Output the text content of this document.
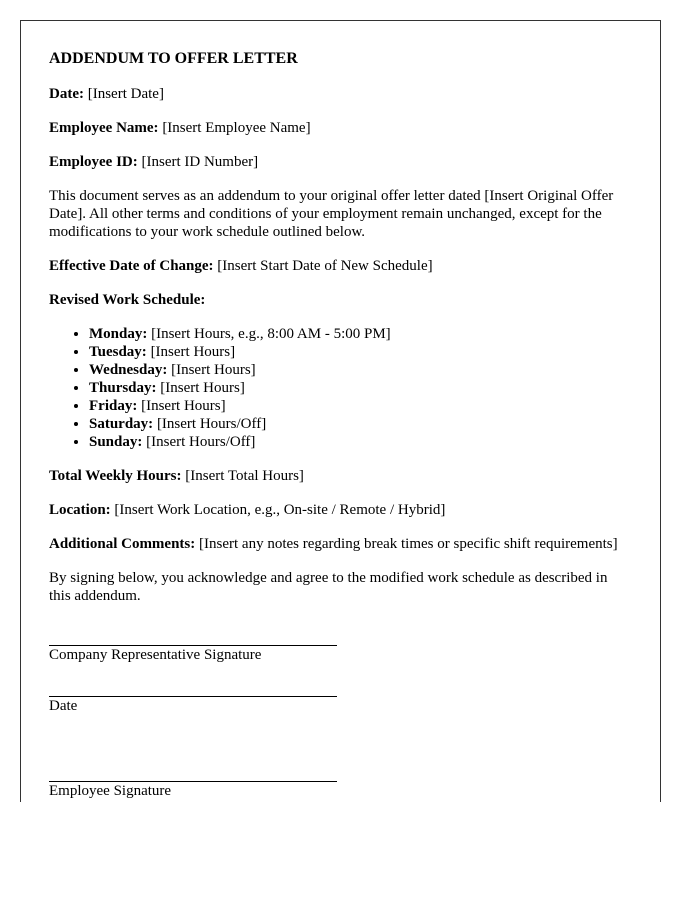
ADDENDUM TO OFFER LETTER

Date: [Insert Date]

Employee Name: [Insert Employee Name]

Employee ID: [Insert ID Number]

This document serves as an addendum to your original offer letter dated [Insert Original Offer Date]. All other terms and conditions of your employment remain unchanged, except for the modifications to your work schedule outlined below.

Effective Date of Change: [Insert Start Date of New Schedule]

Revised Work Schedule:

• Monday: [Insert Hours, e.g., 8:00 AM - 5:00 PM]
• Tuesday: [Insert Hours]
• Wednesday: [Insert Hours]
• Thursday: [Insert Hours]
• Friday: [Insert Hours]
• Saturday: [Insert Hours/Off]
• Sunday: [Insert Hours/Off]

Total Weekly Hours: [Insert Total Hours]

Location: [Insert Work Location, e.g., On-site / Remote / Hybrid]

Additional Comments: [Insert any notes regarding break times or specific shift requirements]

By signing below, you acknowledge and agree to the modified work schedule as described in this addendum.

Company Representative Signature
Date
Employee Signature
